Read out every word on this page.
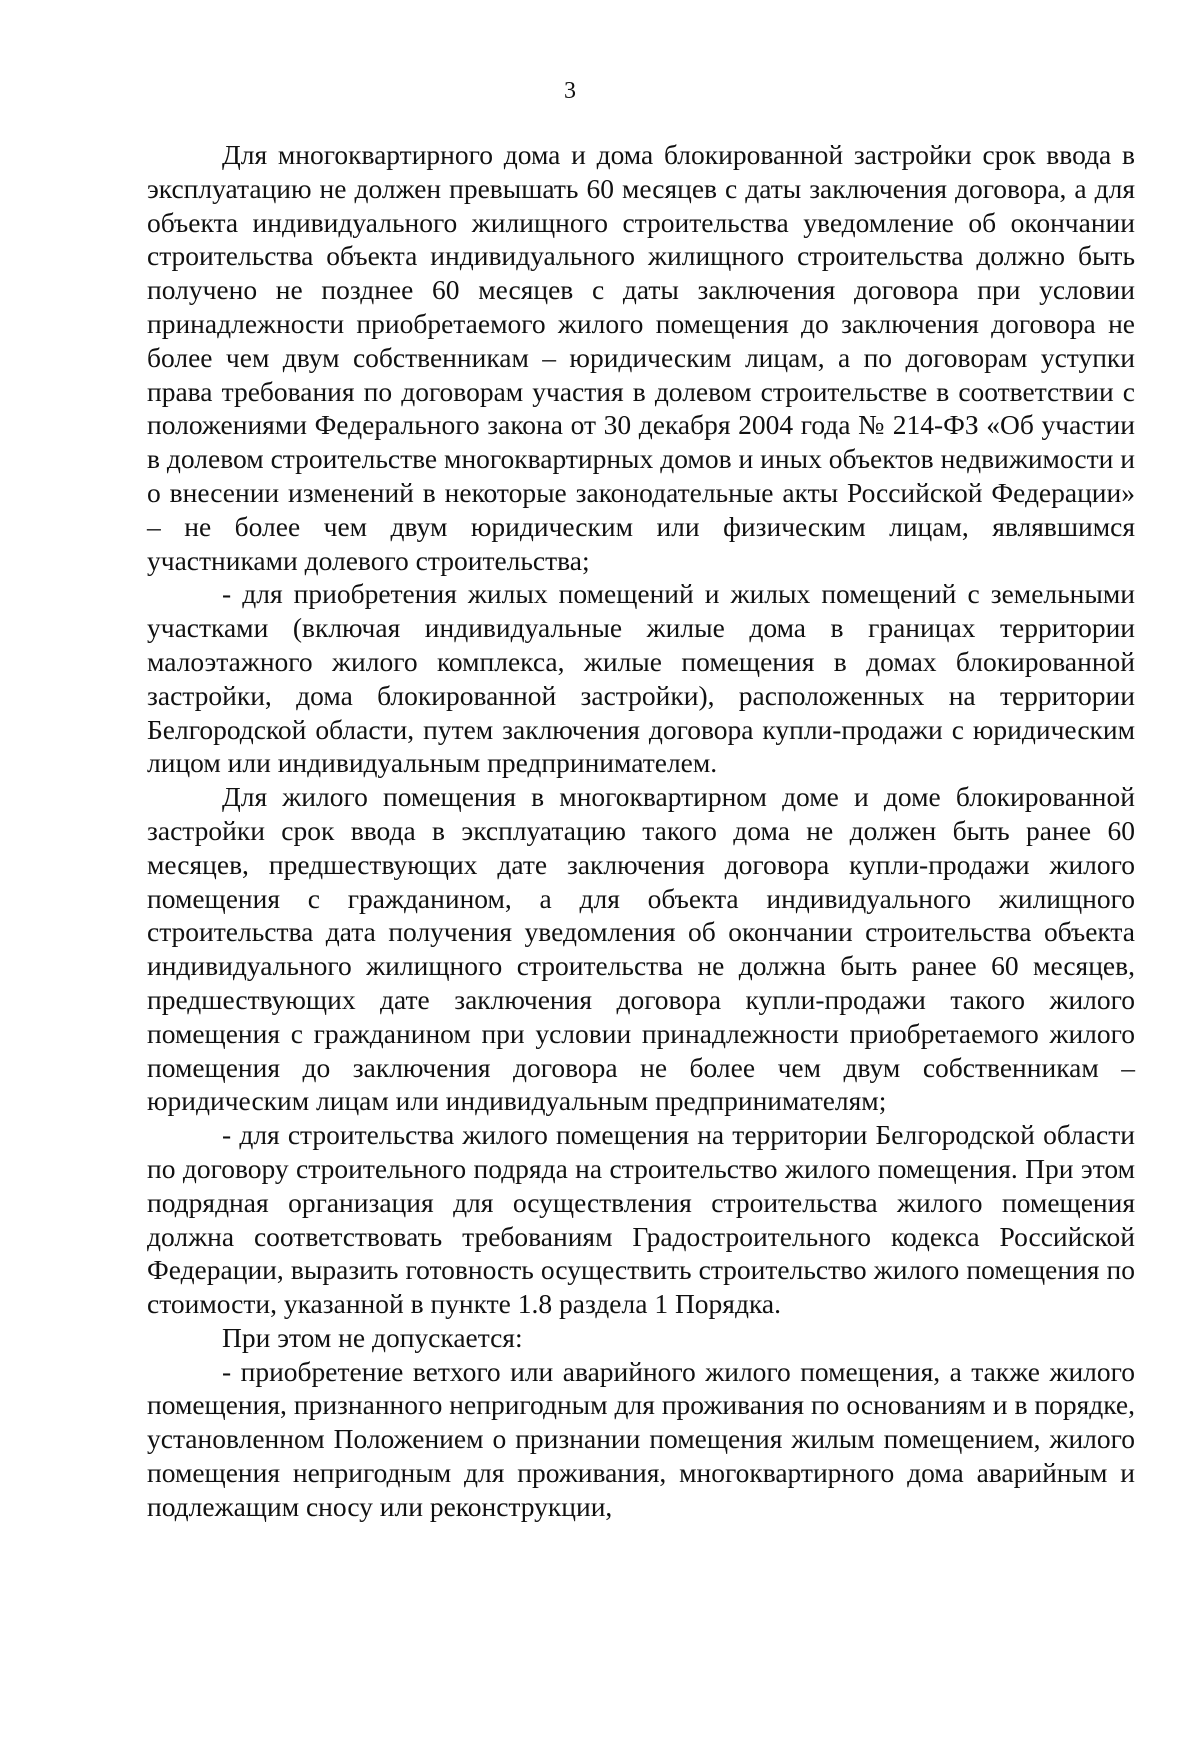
3

Для многоквартирного дома и дома блокированной застройки срок ввода в эксплуатацию не должен превышать 60 месяцев с даты заключения договора, а для объекта индивидуального жилищного строительства уведомление об окончании строительства объекта индивидуального жилищного строительства должно быть получено не позднее 60 месяцев с даты заключения договора при условии принадлежности приобретаемого жилого помещения до заключения договора не более чем двум собственникам – юридическим лицам, а по договорам уступки права требования по договорам участия в долевом строительстве в соответствии с положениями Федерального закона от 30 декабря 2004 года № 214-ФЗ «Об участии в долевом строительстве многоквартирных домов и иных объектов недвижимости и о внесении изменений в некоторые законодательные акты Российской Федерации» – не более чем двум юридическим или физическим лицам, являвшимся участниками долевого строительства;

- для приобретения жилых помещений и жилых помещений с земельными участками (включая индивидуальные жилые дома в границах территории малоэтажного жилого комплекса, жилые помещения в домах блокированной застройки, дома блокированной застройки), расположенных на территории Белгородской области, путем заключения договора купли-продажи с юридическим лицом или индивидуальным предпринимателем.

Для жилого помещения в многоквартирном доме и доме блокированной застройки срок ввода в эксплуатацию такого дома не должен быть ранее 60 месяцев, предшествующих дате заключения договора купли-продажи жилого помещения с гражданином, а для объекта индивидуального жилищного строительства дата получения уведомления об окончании строительства объекта индивидуального жилищного строительства не должна быть ранее 60 месяцев, предшествующих дате заключения договора купли-продажи такого жилого помещения с гражданином при условии принадлежности приобретаемого жилого помещения до заключения договора не более чем двум собственникам – юридическим лицам или индивидуальным предпринимателям;

- для строительства жилого помещения на территории Белгородской области по договору строительного подряда на строительство жилого помещения. При этом подрядная организация для осуществления строительства жилого помещения должна соответствовать требованиям Градостроительного кодекса Российской Федерации, выразить готовность осуществить строительство жилого помещения по стоимости, указанной в пункте 1.8 раздела 1 Порядка.

При этом не допускается:

- приобретение ветхого или аварийного жилого помещения, а также жилого помещения, признанного непригодным для проживания по основаниям и в порядке, установленном Положением о признании помещения жилым помещением, жилого помещения непригодным для проживания, многоквартирного дома аварийным и подлежащим сносу или реконструкции,
